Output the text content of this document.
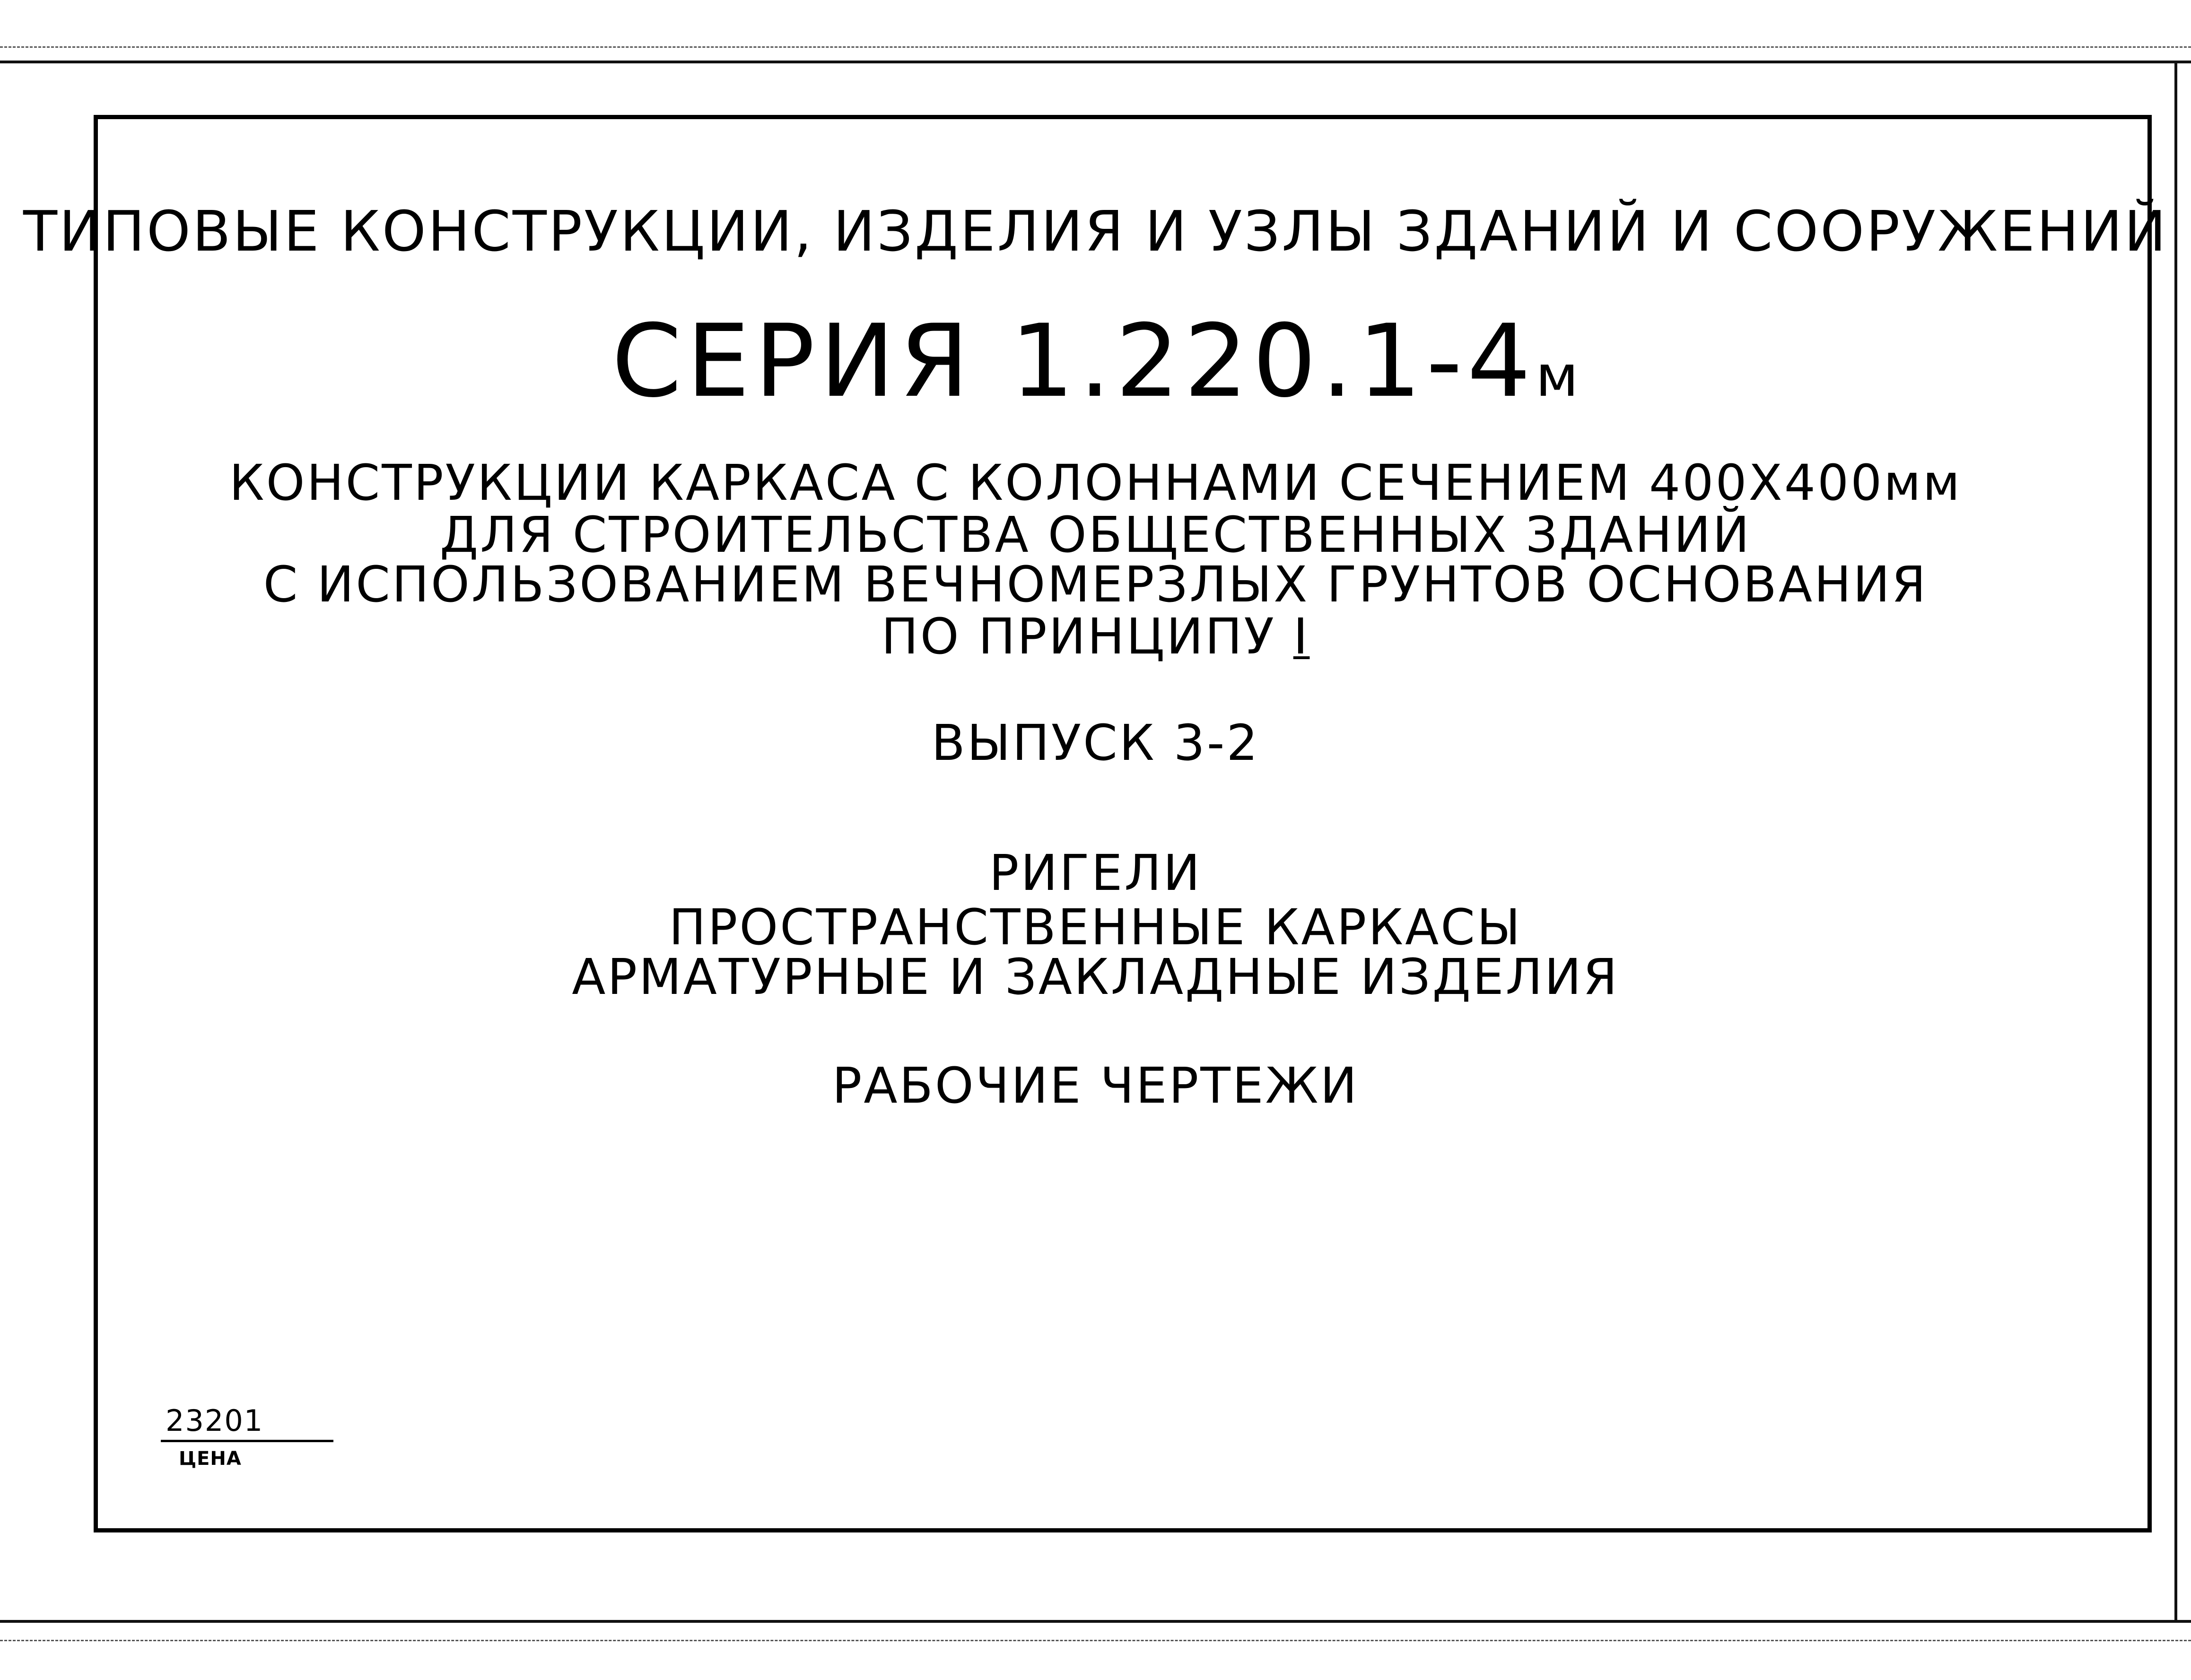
ТИПОВЫЕ КОНСТРУКЦИИ, ИЗДЕЛИЯ И УЗЛЫ ЗДАНИЙ И СООРУЖЕНИЙ
СЕРИЯ 1.220.1-4м
КОНСТРУКЦИИ КАРКАСА С КОЛОННАМИ СЕЧЕНИЕМ 400Х400мм
ДЛЯ СТРОИТЕЛЬСТВА ОБЩЕСТВЕННЫХ ЗДАНИЙ
С ИСПОЛЬЗОВАНИЕМ ВЕЧНОМЕРЗЛЫХ ГРУНТОВ ОСНОВАНИЯ
ПО ПРИНЦИПУ I
ВЫПУСК 3-2
РИГЕЛИ
ПРОСТРАНСТВЕННЫЕ КАРКАСЫ
АРМАТУРНЫЕ И ЗАКЛАДНЫЕ ИЗДЕЛИЯ
РАБОЧИЕ ЧЕРТЕЖИ
23201
ЦЕНА
